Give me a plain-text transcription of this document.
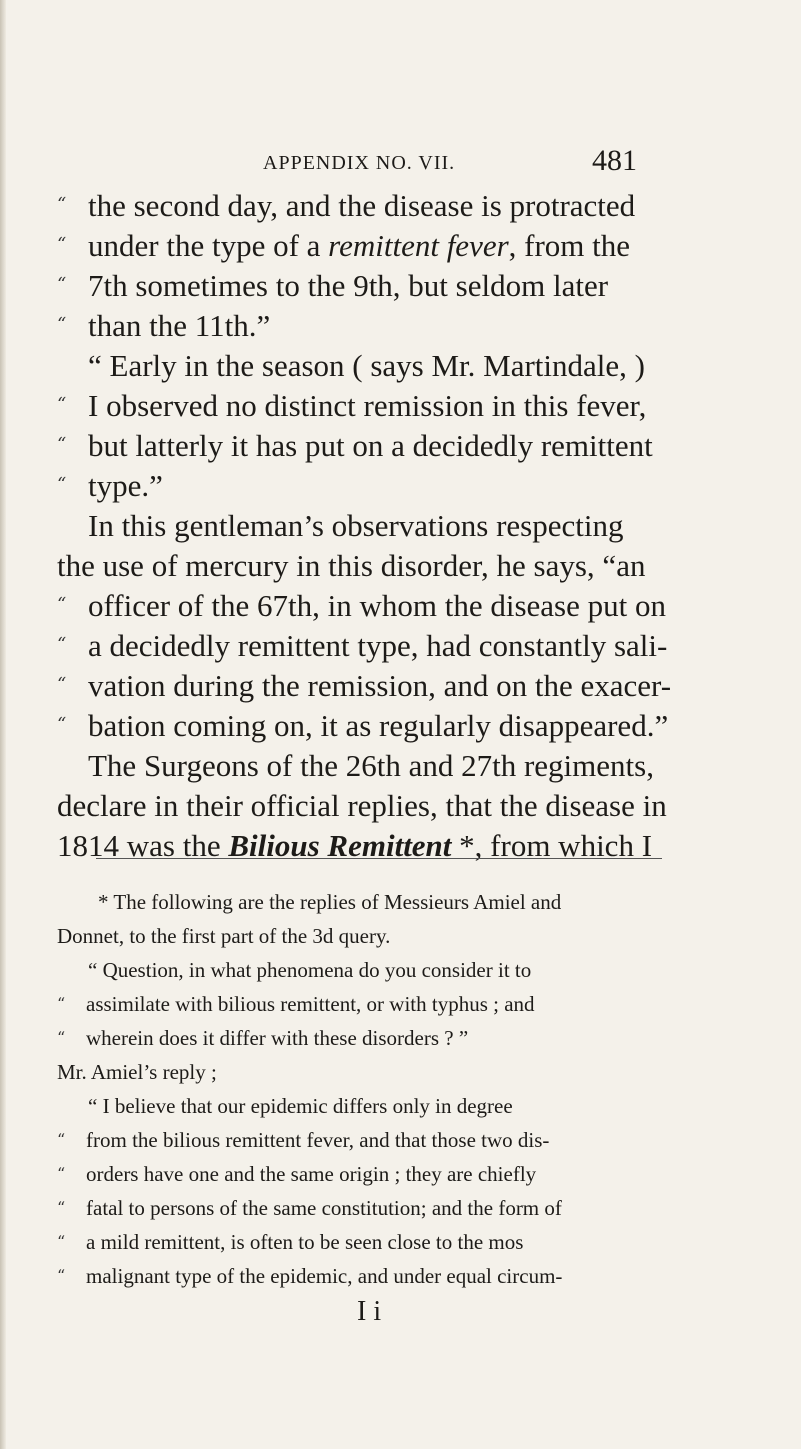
APPENDIX NO. VII.	481
“ the second day, and the disease is protracted
“ under the type of a remittent fever, from the
“ 7th sometimes to the 9th, but seldom later
“ than the 11th.”
“ Early in the season ( says Mr. Martindale, )
“ I observed no distinct remission in this fever,
“ but latterly it has put on a decidedly remittent
“ type.”
In this gentleman’s observations respecting
the use of mercury in this disorder, he says, “an
“ officer of the 67th, in whom the disease put on
“ a decidedly remittent type, had constantly sali-
“ vation during the remission, and on the exacer-
“ bation coming on, it as regularly disappeared.”
The Surgeons of the 26th and 27th regiments,
declare in their official replies, that the disease in
1814 was the Bilious Remittent *, from which I
* The following are the replies of Messieurs Amiel and
Donnet, to the first part of the 3d query.
“ Question, in what phenomena do you consider it to
“ assimilate with bilious remittent, or with typhus ; and
“ wherein does it differ with these disorders ? ”
Mr. Amiel’s reply ;
“ I believe that our epidemic differs only in degree
“ from the bilious remittent fever, and that those two dis-
“ orders have one and the same origin ; they are chiefly
“ fatal to persons of the same constitution; and the form of
“ a mild remittent, is often to be seen close to the mos
“ malignant type of the epidemic, and under equal circum-
I i
